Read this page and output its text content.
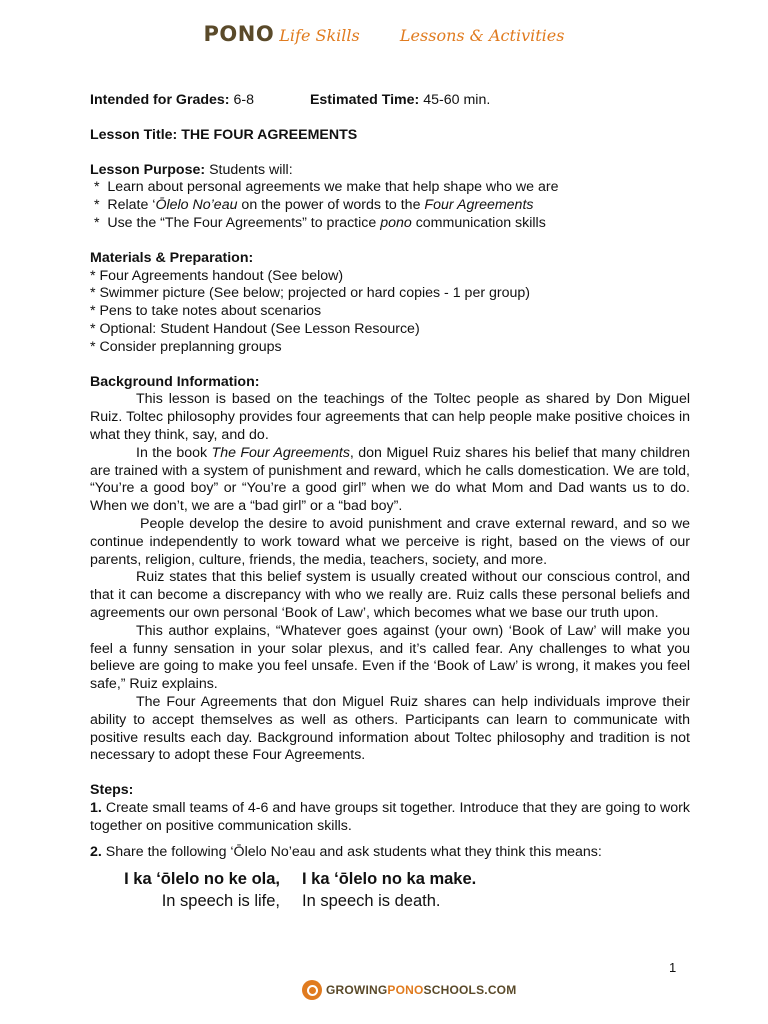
PONO Life Skills	Lessons & Activities
Intended for Grades: 6-8	Estimated Time: 45-60 min.
Lesson Title: THE FOUR AGREEMENTS
Lesson Purpose: Students will:
*  Learn about personal agreements we make that help shape who we are
*  Relate ‘Ōlelo No’eau on the power of words to the Four Agreements
*  Use the “The Four Agreements” to practice pono communication skills
Materials & Preparation:
* Four Agreements handout (See below)
* Swimmer picture (See below; projected or hard copies - 1 per group)
* Pens to take notes about scenarios
* Optional: Student Handout (See Lesson Resource)
* Consider preplanning groups
Background Information:

This lesson is based on the teachings of the Toltec people as shared by Don Miguel Ruiz. Toltec philosophy provides four agreements that can help people make positive choices in what they think, say, and do.

In the book The Four Agreements, don Miguel Ruiz shares his belief that many children are trained with a system of punishment and reward, which he calls domestication. We are told, “You’re a good boy” or “You’re a good girl” when we do what Mom and Dad wants us to do. When we don’t, we are a “bad girl” or a “bad boy”.

People develop the desire to avoid punishment and crave external reward, and so we continue independently to work toward what we perceive is right, based on the views of our parents, religion, culture, friends, the media, teachers, society, and more.

Ruiz states that this belief system is usually created without our conscious control, and that it can become a discrepancy with who we really are. Ruiz calls these personal beliefs and agreements our own personal ‘Book of Law’, which becomes what we base our truth upon.

This author explains, “Whatever goes against (your own) ‘Book of Law’ will make you feel a funny sensation in your solar plexus, and it’s called fear. Any challenges to what you believe are going to make you feel unsafe. Even if the ‘Book of Law’ is wrong, it makes you feel safe,” Ruiz explains.

The Four Agreements that don Miguel Ruiz shares can help individuals improve their ability to accept themselves as well as others. Participants can learn to communicate with positive results each day. Background information about Toltec philosophy and tradition is not necessary to adopt these Four Agreements.

Steps:

1. Create small teams of 4-6 and have groups sit together. Introduce that they are going to work together on positive communication skills.

2. Share the following ‘Ōlelo No’eau and ask students what they think this means:

I ka ʻōlelo no ke ola, I ka ʻōlelo no ka make.
In speech is life, In speech is death.
1
GROWINGPONOSCHOOLS.COM
